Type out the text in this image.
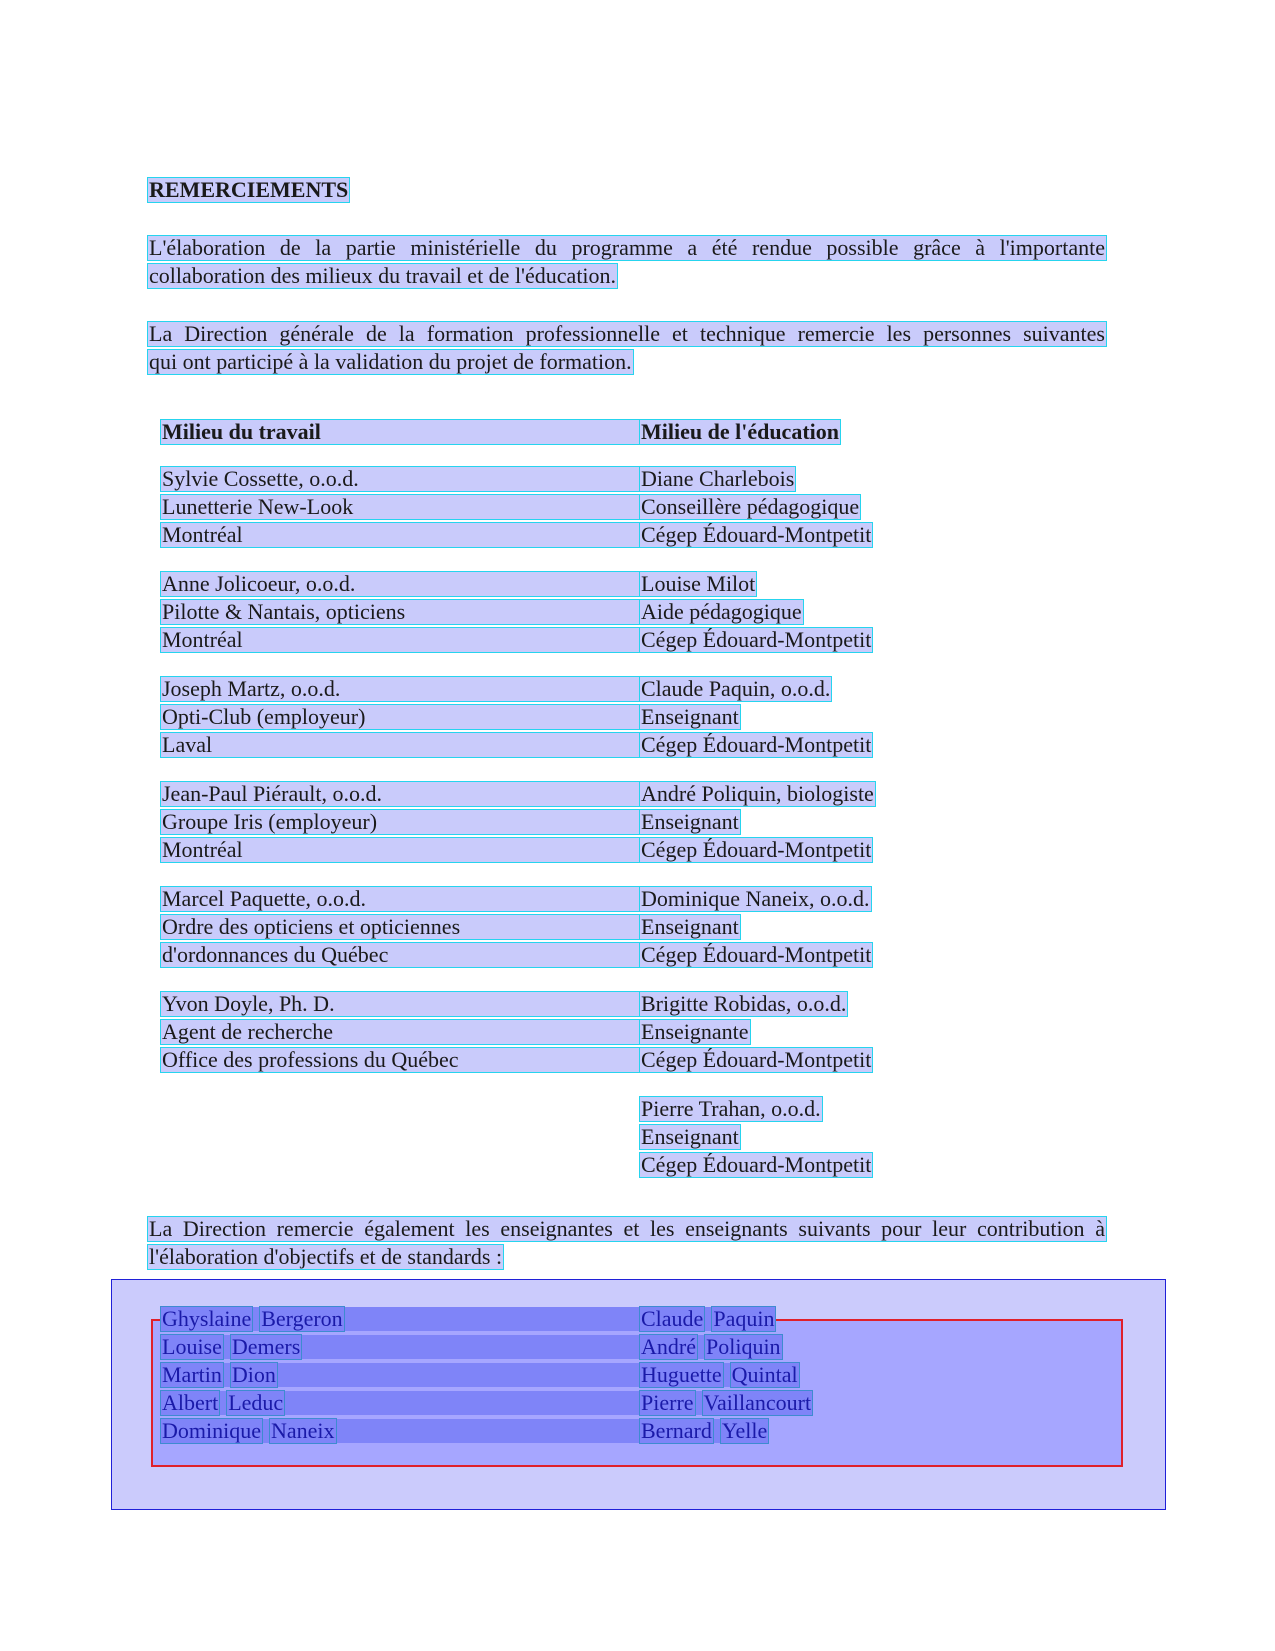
REMERCIEMENTS
L'élaboration de la partie ministérielle du programme a été rendue possible grâce à l'importante
collaboration des milieux du travail et de l'éducation.
La Direction générale de la formation professionnelle et technique remercie les personnes suivantes
qui ont participé à la validation du projet de formation.
Milieu du travail	Milieu de l'éducation
Sylvie Cossette, o.o.d.
Lunetterie New-Look
Montréal
Anne Jolicoeur, o.o.d.
Pilotte & Nantais, opticiens
Montréal
Joseph Martz, o.o.d.
Opti-Club (employeur)
Laval
Jean-Paul Piérault, o.o.d.
Groupe Iris (employeur)
Montréal
Marcel Paquette, o.o.d.
Ordre des opticiens et opticiennes
d'ordonnances du Québec
Yvon Doyle, Ph. D.
Agent de recherche
Office des professions du Québec
Diane Charlebois
Conseillère pédagogique
Cégep Édouard-Montpetit
Louise Milot
Aide pédagogique
Cégep Édouard-Montpetit
Claude Paquin, o.o.d.
Enseignant
Cégep Édouard-Montpetit
André Poliquin, biologiste
Enseignant
Cégep Édouard-Montpetit
Dominique Naneix, o.o.d.
Enseignant
Cégep Édouard-Montpetit
Brigitte Robidas, o.o.d.
Enseignante
Cégep Édouard-Montpetit
Pierre Trahan, o.o.d.
Enseignant
Cégep Édouard-Montpetit
La Direction remercie également les enseignantes et les enseignants suivants pour leur contribution à
l'élaboration d'objectifs et de standards :
Ghyslaine Bergeron
Louise Demers
Martin Dion
Albert Leduc
Dominique Naneix
Claude Paquin
André Poliquin
Huguette Quintal
Pierre Vaillancourt
Bernard Yelle
